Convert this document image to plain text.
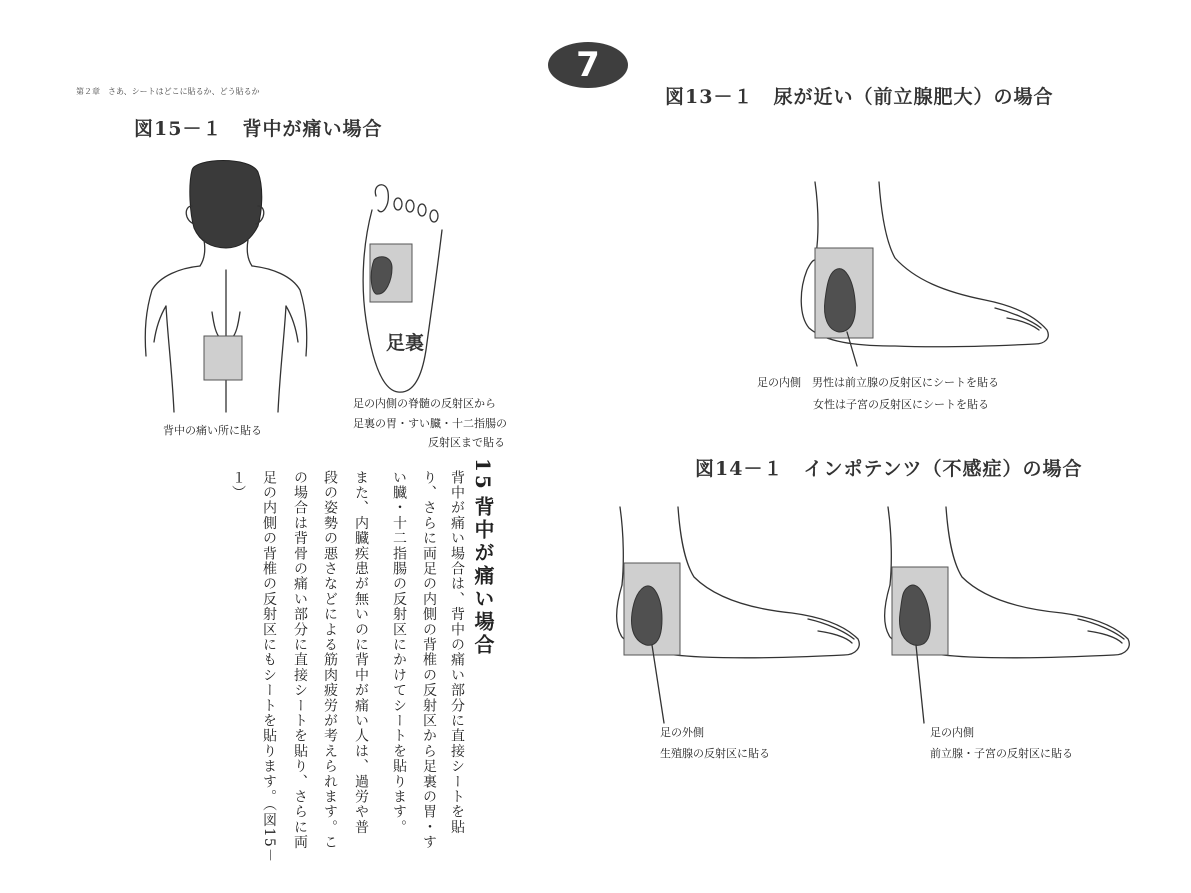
第２章　さあ、シートはどこに貼るか、どう貼るか
図15－１　背中が痛い場合
背中の痛い所に貼る
足裏
足の内側の脊髄の反射区から
足裏の胃・すい臓・十二指腸の
反射区まで貼る
15
背中が痛い場合
背中が痛い場合は、背中の痛い部分に直接シートを貼
り、さらに両足の内側の背椎の反射区から足裏の胃・す
い臓・十二指腸の反射区にかけてシートを貼ります。
また、内臓疾患が無いのに背中が痛い人は、過労や普
段の姿勢の悪さなどによる筋肉疲労が考えられます。こ
の場合は背骨の痛い部分に直接シートを貼り、さらに両
足の内側の背椎の反射区にもシートを貼ります。（図15－
１）
7
図13－１　尿が近い（前立腺肥大）の場合
足の内側　男性は前立腺の反射区にシートを貼る
女性は子宮の反射区にシートを貼る
図14－１　インポテンツ（不感症）の場合
足の外側
生殖腺の反射区に貼る
足の内側
前立腺・子宮の反射区に貼る
